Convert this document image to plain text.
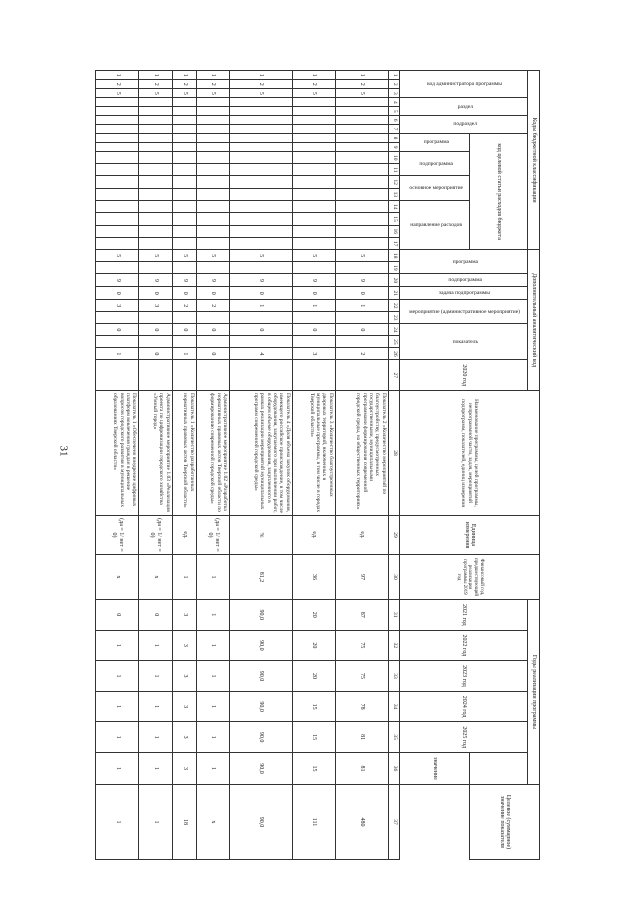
31
Коды бюджетной классификации																	Дополнительный аналитический код										Наименование программы, целей программы, непрограммной части, задач, мероприятий подпрограмм, показателей, единиц измерения	Единица измерения	Финансовый год, предшествующий реализации программы 2019 год	Годы реализации программы						Целевое (суммарное) значение показателя
код администратора программы			раздел		подраздел		код целевой статьи расходов бюджета										программа		подпрограмма	задача подпрограммы	мероприятие (административное мероприятие)		показатель			2020 год				2021 год	2022 год	2023 год	2024 год	2025 год		
							программа		подпрограмма		основное мероприятие		направление расходов																						значение	
1	2	3	4	5	6	7	8	9	10	11	12	13	14	15	16	17	18	19	20	21	22	23	24	25	26	27	28	29	30	31	32	33	34	35	36	37
1	2	5															5		9	0	1		0		2		Показатель 2 «Количество мероприятий по благоустройству, предусмотренных государственными, муниципальными программами формирования современной городской среды, на общественных территориях»	ед.	97	87	75	75	78	81	81	480
1	2	5															5		9	0	1		0		3		Показатель 3 «Количество благоустроенных дворовых территорий, включенных в муниципальные программы, в том числе в городах Тверской области»	ед.	36	20	20	20	15	15	15	111
1	2	5															5		9	0	1		0		4		Показатель 4 «Доля объема закупок оборудования, имеющего российское происхождение, в том числе оборудования, закупаемого при выполнении работ, в общем объеме оборудования, закупленного в рамках реализации мероприятий муниципальных программ современной городской среды»	%	81,2	90,0	90,0	90,0	90,0	90,0	90,0	90,0
1	2	5															5		9	0	2		0		0		Административное мероприятие 1.02 «Разработка нормативных правовых актов Тверской области по формированию современной городской среды»	(да = 1/ нет = 0)	1	1	1	1	1	1	1	х
1	2	5															5		9	0	2		0		1		Показатель 1 «Количество разработанных нормативных правовых актов Тверской области»	ед.	1	3	3	3	3	3	3	18
1	2	5															5		9	0	3		0		0		Административное мероприятие 1.03 «Реализация проекта по цифровизации городского хозяйства «Умный город»	(да = 1/ нет = 0)	х	0	1	1	1	1	1	1
1	2	5															5		9	0	3		0		1		Показатель 1 «Обеспечено внедрение цифровых платформ вовлечения граждан в решение вопросов городского развития в муниципальных образованиях Тверской области»	(да = 1/ нет = 0)	х	0	1	1	1	1	1	1
